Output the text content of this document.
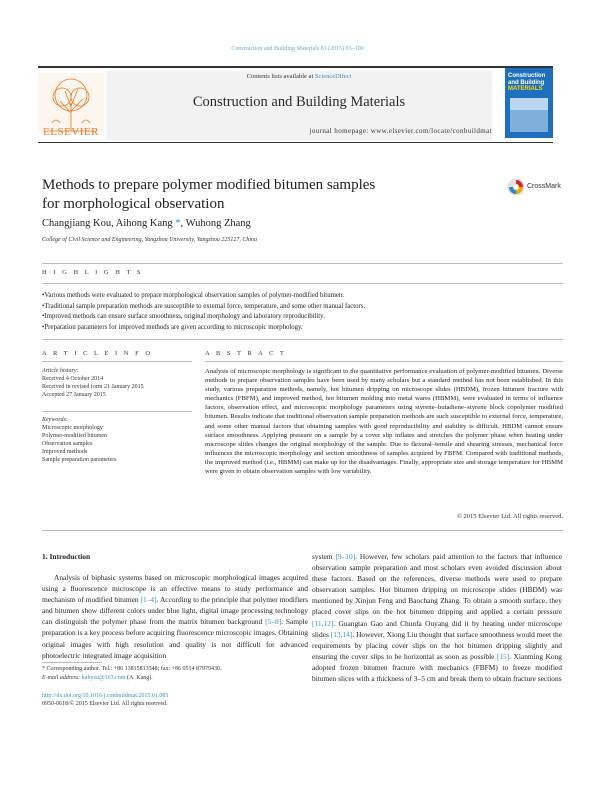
Construction and Building Materials 81 (2015) 93–100
ELSEVIER
Contents lists available at ScienceDirect
Construction and Building Materials
journal homepage: www.elsevier.com/locate/conbuildmat
Construction
and Building
MATERIALS
Methods to prepare polymer modified bitumen samples
for morphological observation
CrossMark
Changjiang Kou, Aihong Kang *, Wuhong Zhang
College of Civil Science and Engineering, Yangzhou University, Yangzhou 225127, China
H I G H L I G H T S
• Various methods were evaluated to prepare morphological observation samples of polymer-modified bitumen.
• Traditional sample preparation methods are susceptible to external force, temperature, and some other manual factors.
• Improved methods can ensure surface smoothness, original morphology and laboratory reproducibility.
• Preparation parameters for improved methods are given according to microscopic morphology.
A R T I C L E I N F O	A B S T R A C T
Article history:
Received 4 October 2014
Received in revised form 21 January 2015
Accepted 27 January 2015
Keywords:
Microscopic morphology
Polymer-modified bitumen
Observation samples
Improved methods
Sample preparation parameters
Analysis of microscopic morphology is significant to the quantitative performance evaluation of polymer-modified bitumen. Diverse methods to prepare observation samples have been used by many scholars but a standard method has not been established. In this study, various preparation methods, namely, hot bitumen dripping on microscope slides (HBDM), frozen bitumen fracture with mechanics (FBFM), and improved method, hot bitumen molding into metal wares (HBMM), were evaluated in terms of influence factors, observation effect, and microscopic morphology parameters using styrene–butadiene–styrene block copolymer modified bitumen. Results indicate that traditional observation sample preparation methods are such susceptible to external force, temperature, and some other manual factors that obtaining samples with good reproducibility and stability is difficult. HBDM cannot ensure surface smoothness. Applying pressure on a sample by a cover slip inflates and stretches the polymer phase when heating under microscope slides changes the original morphology of the sample. Due to flexural–tensile and shearing stresses, mechanical force influences the microscopic morphology and section smoothness of samples acquired by FBFM. Compared with traditional methods, the improved method (i.e., HBMM) can make up for the disadvantages. Finally, appropriate size and storage temperature for HBMM were given to obtain observation samples with low variability.
© 2015 Elsevier Ltd. All rights reserved.
1. Introduction
Analysis of biphasic systems based on microscopic morphological images acquired using a fluorescence microscope is an effective means to study performance and mechanism of modified bitumen [1–4]. According to the principle that polymer modifiers and bitumen show different colors under blue light, digital image processing technology can distinguish the polymer phase from the matrix bitumen background [5–8]. Sample preparation is a key process before acquiring fluorescence microscopic images. Obtaining original images with high resolution and quality is not difficult for advanced photoelectric integrated image acquisition
system [9–10]. However, few scholars paid attention to the factors that influence observation sample preparation and most scholars even avoided discussion about these factors. Based on the references, diverse methods were used to prepare observation samples. Hot bitumen dripping on microscope slides (HBDM) was mentioned by Xinjun Feng and Baochang Zhang. To obtain a smooth surface, they placed cover slips on the hot bitumen dripping and applied a certain pressure [11,12]. Guangtao Gao and Chunfa Ouyang did it by heating under microscope slides [13,14]. However, Xiong Liu thought that surface smoothness would meet the requirements by placing cover slips on the hot bitumen dripping slightly and ensuring the cover slips to be horizontal as soon as possible [15]. Xianming Kong adopted frozen bitumen fracture with mechanics (FBFM) to freeze modified bitumen slices with a thickness of 3–5 cm and break them to obtain fracture sections
* Corresponding author. Tel.: +86 13815813548; fax: +86 0514 87979430.
E-mail address: kahyzu@163.com (A. Kang).
http://dx.doi.org/10.1016/j.conbuildmat.2015.01.083
0950-0618/© 2015 Elsevier Ltd. All rights reserved.
